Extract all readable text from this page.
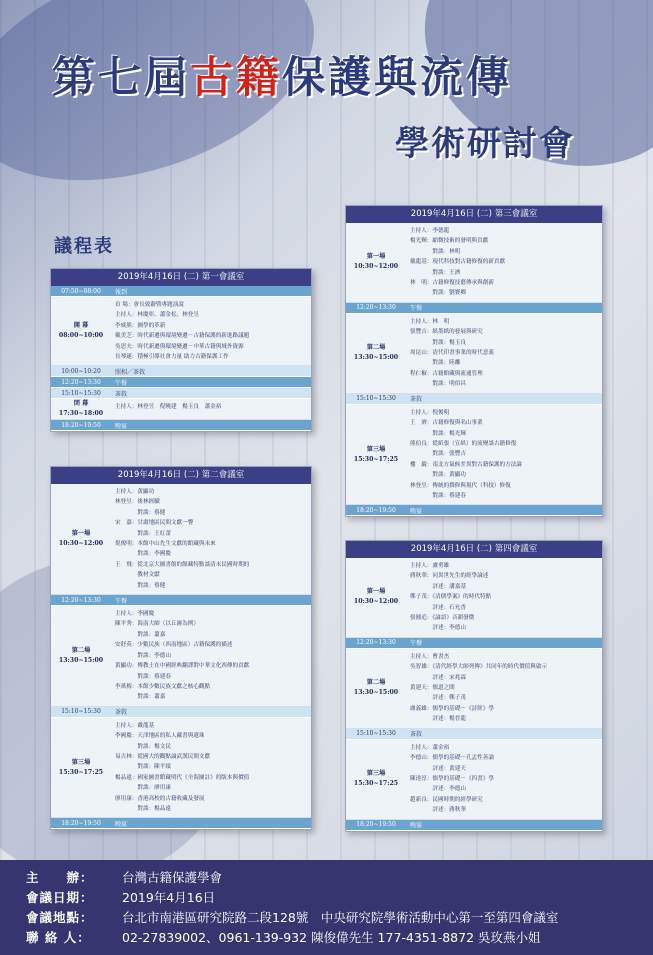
第七屆古籍保護與流傳
學術研討會
議程表
2019年4月16日 (二) 第一會議室
07:50~08:00	報到
開 幕
08:00~10:00
首 場：會長致辭暨專題演說
主持人：林慶彰、蕭金松、林登昱
李威熊：圖學的革新
戴美芝：時代新遷與環境變遷－古籍保護的新進路議題
吳思夫：時代新遷與環境變遷－中華古籍與域外資源
長琴遂：積極引導社會力量 助力古籍保護工作
10:00~10:20	照相／茶敘
12:20~13:30	午餐
15:10~15:30	茶敘
閉 幕
17:30~18:00
主持人：林登昱　倪曉建　楊玉良　蕭金裕
18:20~19:50	晚宴
2019年4月16日 (二) 第二會議室
第一場
10:30~12:00
主持人：黃顯功
林登昱：後林經驗
　　　　對談：蔡健
宋　嘉：甘肅地區民間文獻一瞥
　　　　對談：王紅蕾
倪俊明：本館中山先生文獻的館藏與未來
　　　　對談：李國慶
王　飛：從北京大圖書館的館藏特點談清末民國時期的
　　　　教材文獻
　　　　對談：蔡健
12:20~13:30	午餐
第二場
13:30~15:00
主持人：李國慶
陳平秀：海南大師（以丘濬為例）
　　　　對談：蕭嘉
安舒英：少數民族（西南地區）古籍保護的描述
　　　　對談：李德山
黃顯功：傳教士在中國經典翻譯對中華文化西傳的貢獻
　　　　對談：蔡建春
李萬梅：本館少數民族文獻之核心觀點
　　　　對談：蕭嘉
15:10~15:30	茶敘
第三場
15:30~17:25
主持人：戴龍基
李國慶：天津地區的私人藏書與遺珠
　　　　對談：楊文民
易吉林：從國大的觀點論武漢民間文獻
　　　　對談：陳平綏
楊品遠：國家圖書館藏明代《全海圖註》的版本與價值
　　　　對談：廖用康
廖用康：香港高校的古籍收藏及發展
　　　　對談：楊品遠
18:20~19:50	晚宴
2019年4月16日 (二) 第三會議室
第一場
10:30~12:00
主持人：李德龍
楊光輝：縮微技術的發明與貢獻
　　　　對談：林明
戴龍基：現代科技對古籍修復的新貢獻
　　　　對談：王濟
林　明：古籍修復技藝傳承與創新
　　　　對談：劉寶卿
12:20~13:30	午餐
第二場
13:30~15:00
主持人：林　明
張豐吉：紙墨紙的發展與研究
　　　　對談：楊玉良
周昆山：清代印書事業的時代意義
　　　　對談：陸離
程仁椒：古籍館藏與流通管理
　　　　對談：明伯昌
15:10~15:30	茶敘
第三場
15:30~17:25
主持人：倪俊明
王　濟：古籍修復與名山事業
　　　　對談：楊光輝
熊伯良：從紙張（宣紙）的流變談古籍修復
　　　　對談：張豐吉
樓　巖：南北方氣候差異對古籍保護的方法論
　　　　對談：黃顯功
林登昱：傳統的撰修與現代（科技）修復
　　　　對談：蔡建春
18:20~19:50	晚宴
2019年4月16日 (二) 第四會議室
第一場
10:30~12:00
主持人：盧勇雄
蔣秋華：同異世先生的經學論述
　　　　評述：潘嘉基
鄭子茂：《清儒學案》的時代特點
　　　　評述：石允香
張圓追：《論語》音韻發微
　　　　評述：李德山
12:20~13:30	午餐
第二場
13:30~15:00
主持人：曹書杰
吳智雄：《清代經學大師列傳》共同年的時代價值與啟示
　　　　評述：宋兆霖
黃建天：儒道之間
　　　　評述：鄭子茂
盧義雄：儒學的基礎－《詩經》學
　　　　評述：楊晉龍
15:10~15:30	茶敘
第三場
15:30~17:25
主持人：蕭金裕
李德山：儒學的基礎－孔孟性善論
　　　　評述：黃建天
陳達淳：儒學的基礎－《四書》學
　　　　評述：李德山
趙新良：民國時期的經學研究
　　　　評述：蔣秋華
18:20~19:50	晚宴
主　　辦： 台灣古籍保護學會
會議日期： 2019年4月16日
會議地點： 台北市南港區研究院路二段128號　中央研究院學術活動中心第一至第四會議室
聯 絡 人：	02-27839002、0961-139-932 陳俊偉先生 177-4351-8872 吳玫燕小姐
